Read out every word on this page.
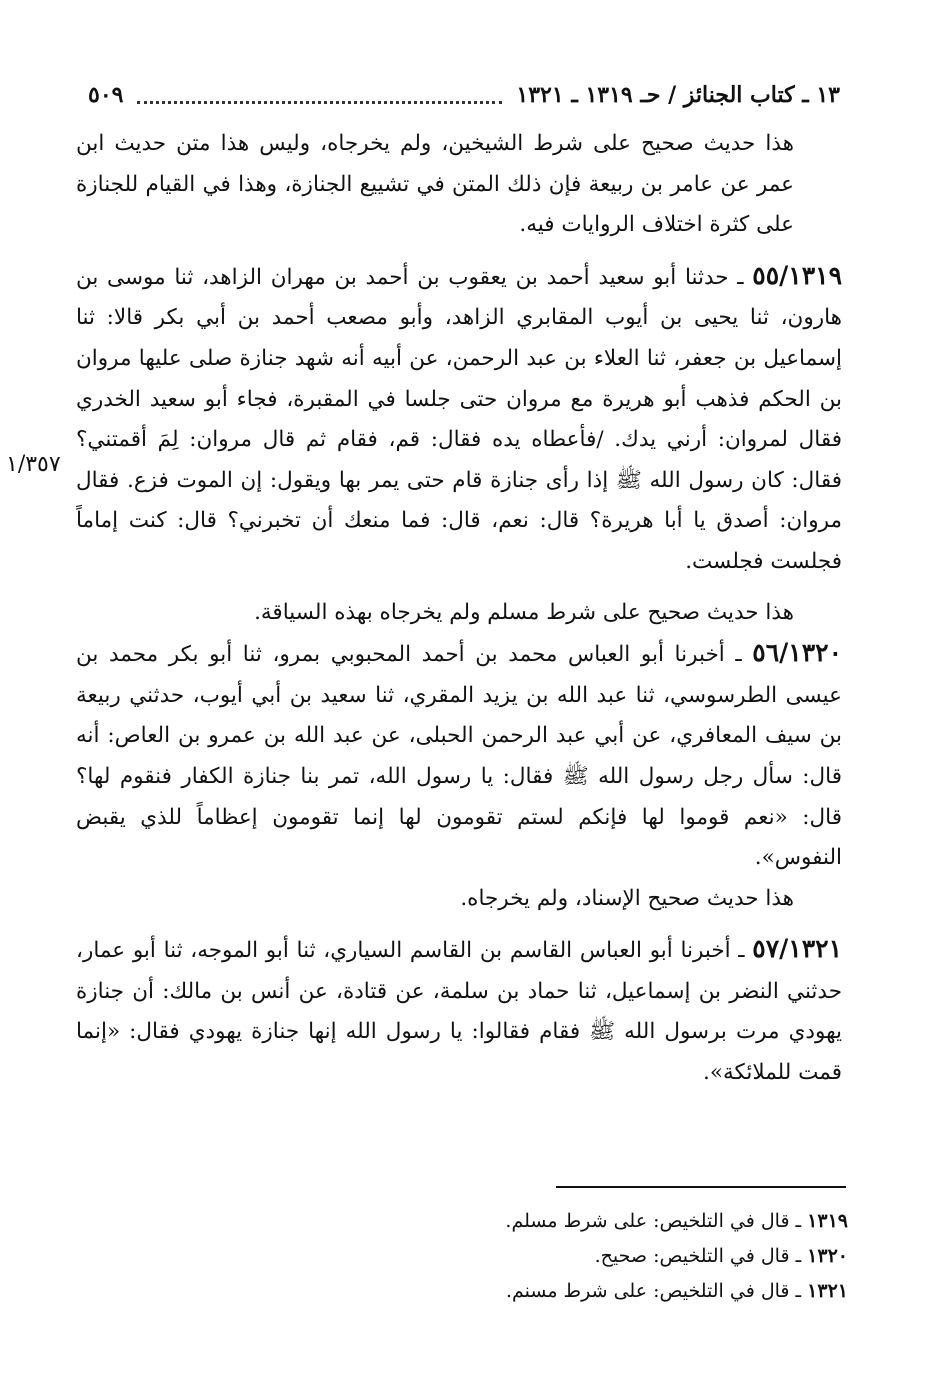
١٣ ـ كتاب الجنائز / حـ ١٣١٩ ـ ١٣٢١
٥٠٩

هذا حديث صحيح على شرط الشيخين، ولم يخرجاه، وليس هذا متن حديث ابن عمر عن عامر بن ربيعة فإن ذلك المتن في تشييع الجنازة، وهذا في القيام للجنازة على كثرة اختلاف الروايات فيه.

٥٥/١٣١٩ ـ حدثنا أبو سعيد أحمد بن يعقوب بن أحمد بن مهران الزاهد، ثنا موسى بن هارون، ثنا يحيى بن أيوب المقابري الزاهد، وأبو مصعب أحمد بن أبي بكر قالا: ثنا إسماعيل بن جعفر، ثنا العلاء بن عبد الرحمن، عن أبيه أنه شهد جنازة صلى عليها مروان بن الحكم فذهب أبو هريرة مع مروان حتى جلسا في المقبرة، فجاء أبو سعيد الخدري فقال لمروان: أرني يدك. /فأعطاه يده فقال: قم، فقام ثم قال مروان: لِمَ أقمتني؟ فقال: كان رسول الله ﷺ إذا رأى جنازة قام حتى يمر بها ويقول: إن الموت فزع. فقال مروان: أصدق يا أبا هريرة؟ قال: نعم، قال: فما منعك أن تخبرني؟ قال: كنت إماماً فجلست فجلست.

هذا حديث صحيح على شرط مسلم ولم يخرجاه بهذه السياقة.

٥٦/١٣٢٠ ـ أخبرنا أبو العباس محمد بن أحمد المحبوبي بمرو، ثنا أبو بكر محمد بن عيسى الطرسوسي، ثنا عبد الله بن يزيد المقري، ثنا سعيد بن أبي أيوب، حدثني ربيعة بن سيف المعافري، عن أبي عبد الرحمن الحبلى، عن عبد الله بن عمرو بن العاص: أنه قال: سأل رجل رسول الله ﷺ فقال: يا رسول الله، تمر بنا جنازة الكفار فنقوم لها؟ قال: «نعم قوموا لها فإنكم لستم تقومون لها إنما تقومون إعظاماً للذي يقبض النفوس».

هذا حديث صحيح الإسناد، ولم يخرجاه.

٥٧/١٣٢١ ـ أخبرنا أبو العباس القاسم بن القاسم السياري، ثنا أبو الموجه، ثنا أبو عمار، حدثني النضر بن إسماعيل، ثنا حماد بن سلمة، عن قتادة، عن أنس بن مالك: أن جنازة يهودي مرت برسول الله ﷺ فقام فقالوا: يا رسول الله إنها جنازة يهودي فقال: «إنما قمت للملائكة».

١/٣٥٧

١٣١٩ ـ قال في التلخيص: على شرط مسلم.

١٣٢٠ ـ قال في التلخيص: صحيح.

١٣٢١ ـ قال في التلخيص: على شرط مسنم.
